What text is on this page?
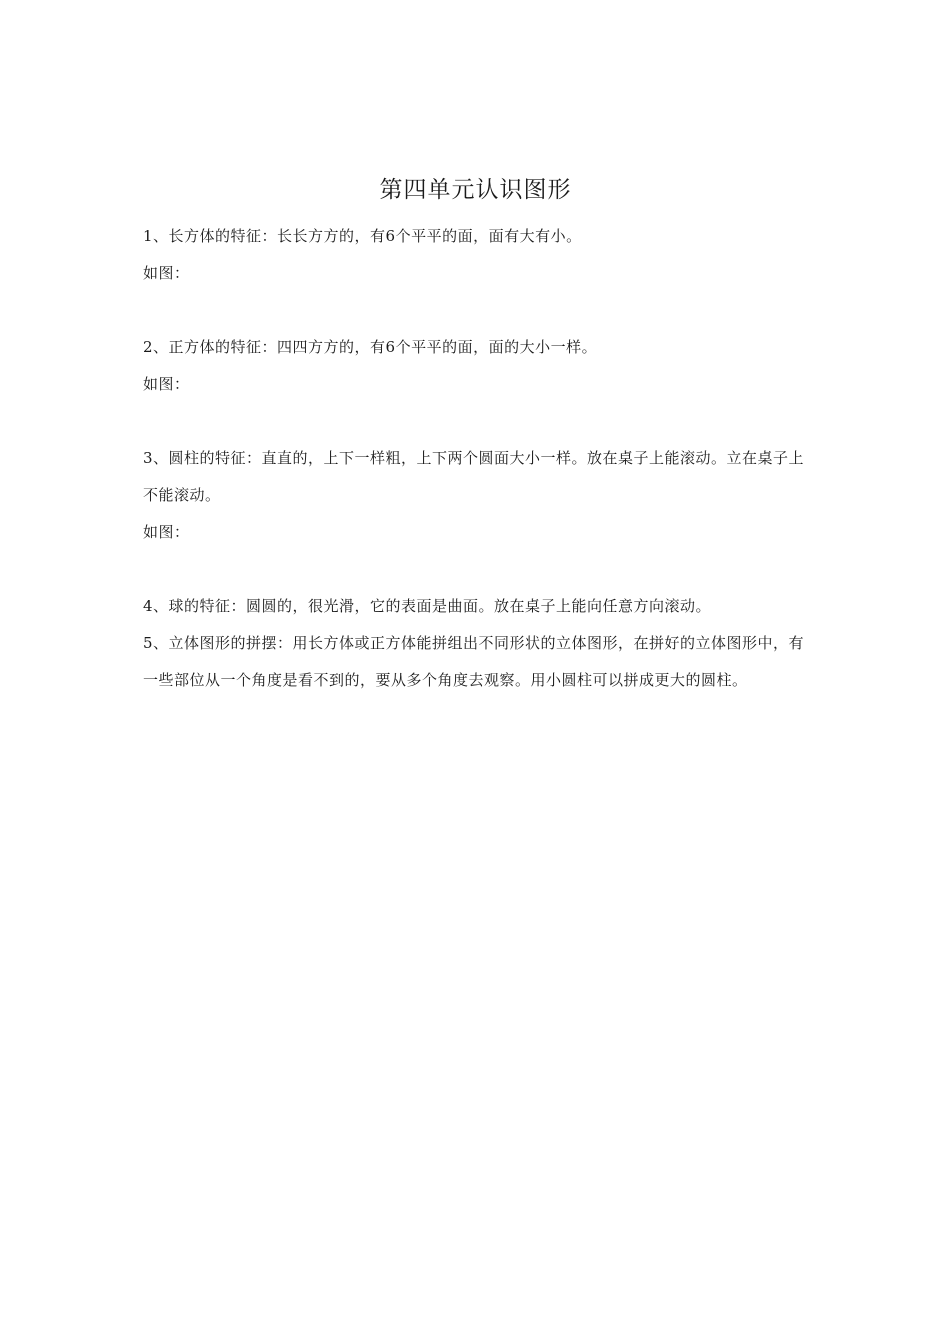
第四单元认识图形

1、长方体的特征：长长方方的，有6个平平的面，面有大有小。

如图：

2、正方体的特征：四四方方的，有6个平平的面，面的大小一样。

如图：

3、圆柱的特征：直直的，上下一样粗，上下两个圆面大小一样。放在桌子上能滚动。立在桌子上不能滚动。

如图：

4、球的特征：圆圆的，很光滑，它的表面是曲面。放在桌子上能向任意方向滚动。

5、立体图形的拼摆：用长方体或正方体能拼组出不同形状的立体图形，在拼好的立体图形中，有一些部位从一个角度是看不到的，要从多个角度去观察。用小圆柱可以拼成更大的圆柱。
